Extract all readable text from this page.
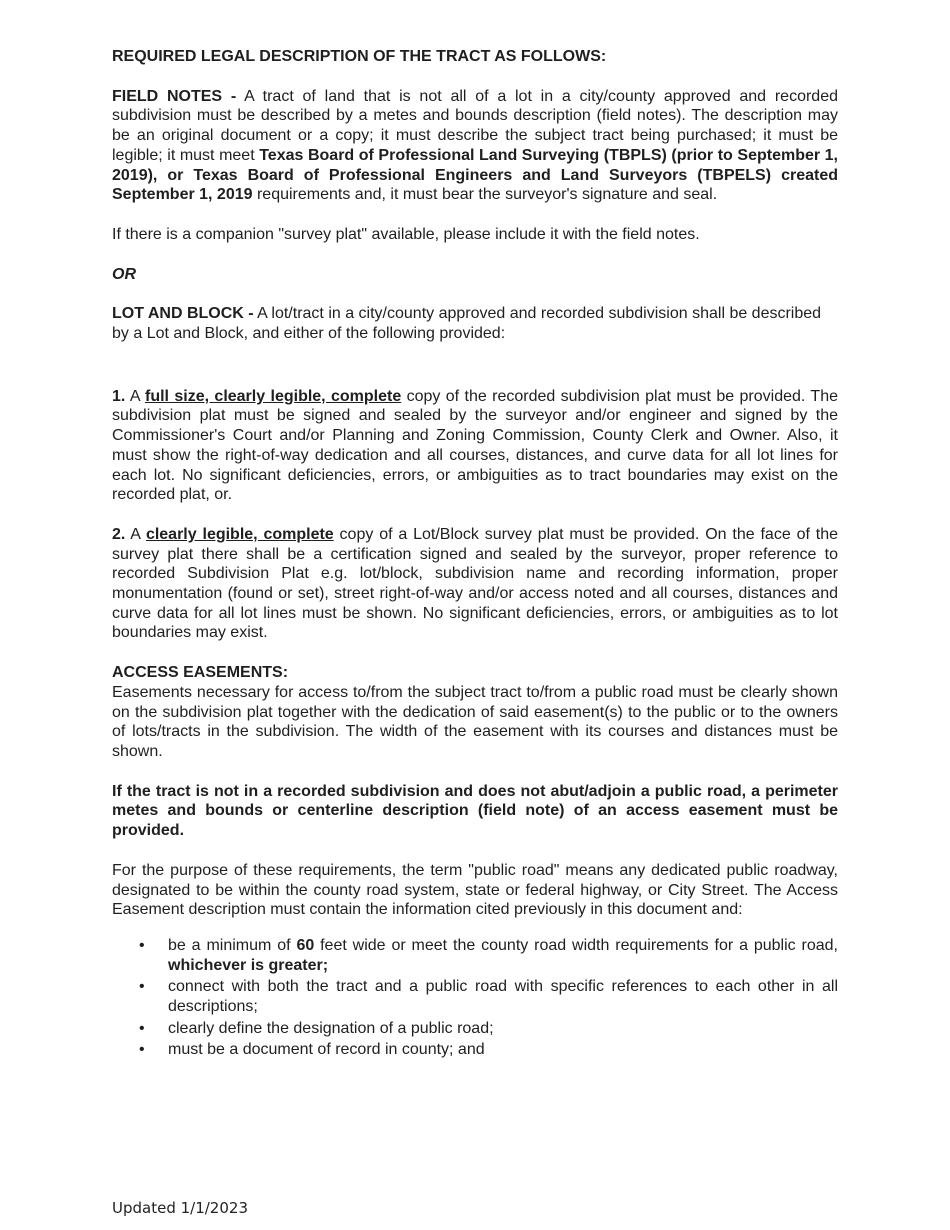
REQUIRED LEGAL DESCRIPTION OF THE TRACT AS FOLLOWS:

FIELD NOTES - A tract of land that is not all of a lot in a city/county approved and recorded subdivision must be described by a metes and bounds description (field notes). The description may be an original document or a copy; it must describe the subject tract being purchased; it must be legible; it must meet Texas Board of Professional Land Surveying (TBPLS) (prior to September 1, 2019), or Texas Board of Professional Engineers and Land Surveyors (TBPELS) created September 1, 2019 requirements and, it must bear the surveyor's signature and seal.

If there is a companion "survey plat" available, please include it with the field notes.

OR

LOT AND BLOCK - A lot/tract in a city/county approved and recorded subdivision shall be described by a Lot and Block, and either of the following provided:

1. A full size, clearly legible, complete copy of the recorded subdivision plat must be provided. The subdivision plat must be signed and sealed by the surveyor and/or engineer and signed by the Commissioner's Court and/or Planning and Zoning Commission, County Clerk and Owner. Also, it must show the right-of-way dedication and all courses, distances, and curve data for all lot lines for each lot. No significant deficiencies, errors, or ambiguities as to tract boundaries may exist on the recorded plat, or.

2. A clearly legible, complete copy of a Lot/Block survey plat must be provided. On the face of the survey plat there shall be a certification signed and sealed by the surveyor, proper reference to recorded Subdivision Plat e.g. lot/block, subdivision name and recording information, proper monumentation (found or set), street right-of-way and/or access noted and all courses, distances and curve data for all lot lines must be shown. No significant deficiencies, errors, or ambiguities as to lot boundaries may exist.

ACCESS EASEMENTS:

Easements necessary for access to/from the subject tract to/from a public road must be clearly shown on the subdivision plat together with the dedication of said easement(s) to the public or to the owners of lots/tracts in the subdivision. The width of the easement with its courses and distances must be shown.

If the tract is not in a recorded subdivision and does not abut/adjoin a public road, a perimeter metes and bounds or centerline description (field note) of an access easement must be provided.

For the purpose of these requirements, the term "public road" means any dedicated public roadway, designated to be within the county road system, state or federal highway, or City Street. The Access Easement description must contain the information cited previously in this document and:

• be a minimum of 60 feet wide or meet the county road width requirements for a public road, whichever is greater;
• connect with both the tract and a public road with specific references to each other in all descriptions;
• clearly define the designation of a public road;
• must be a document of record in county; and
Updated 1/1/2023
